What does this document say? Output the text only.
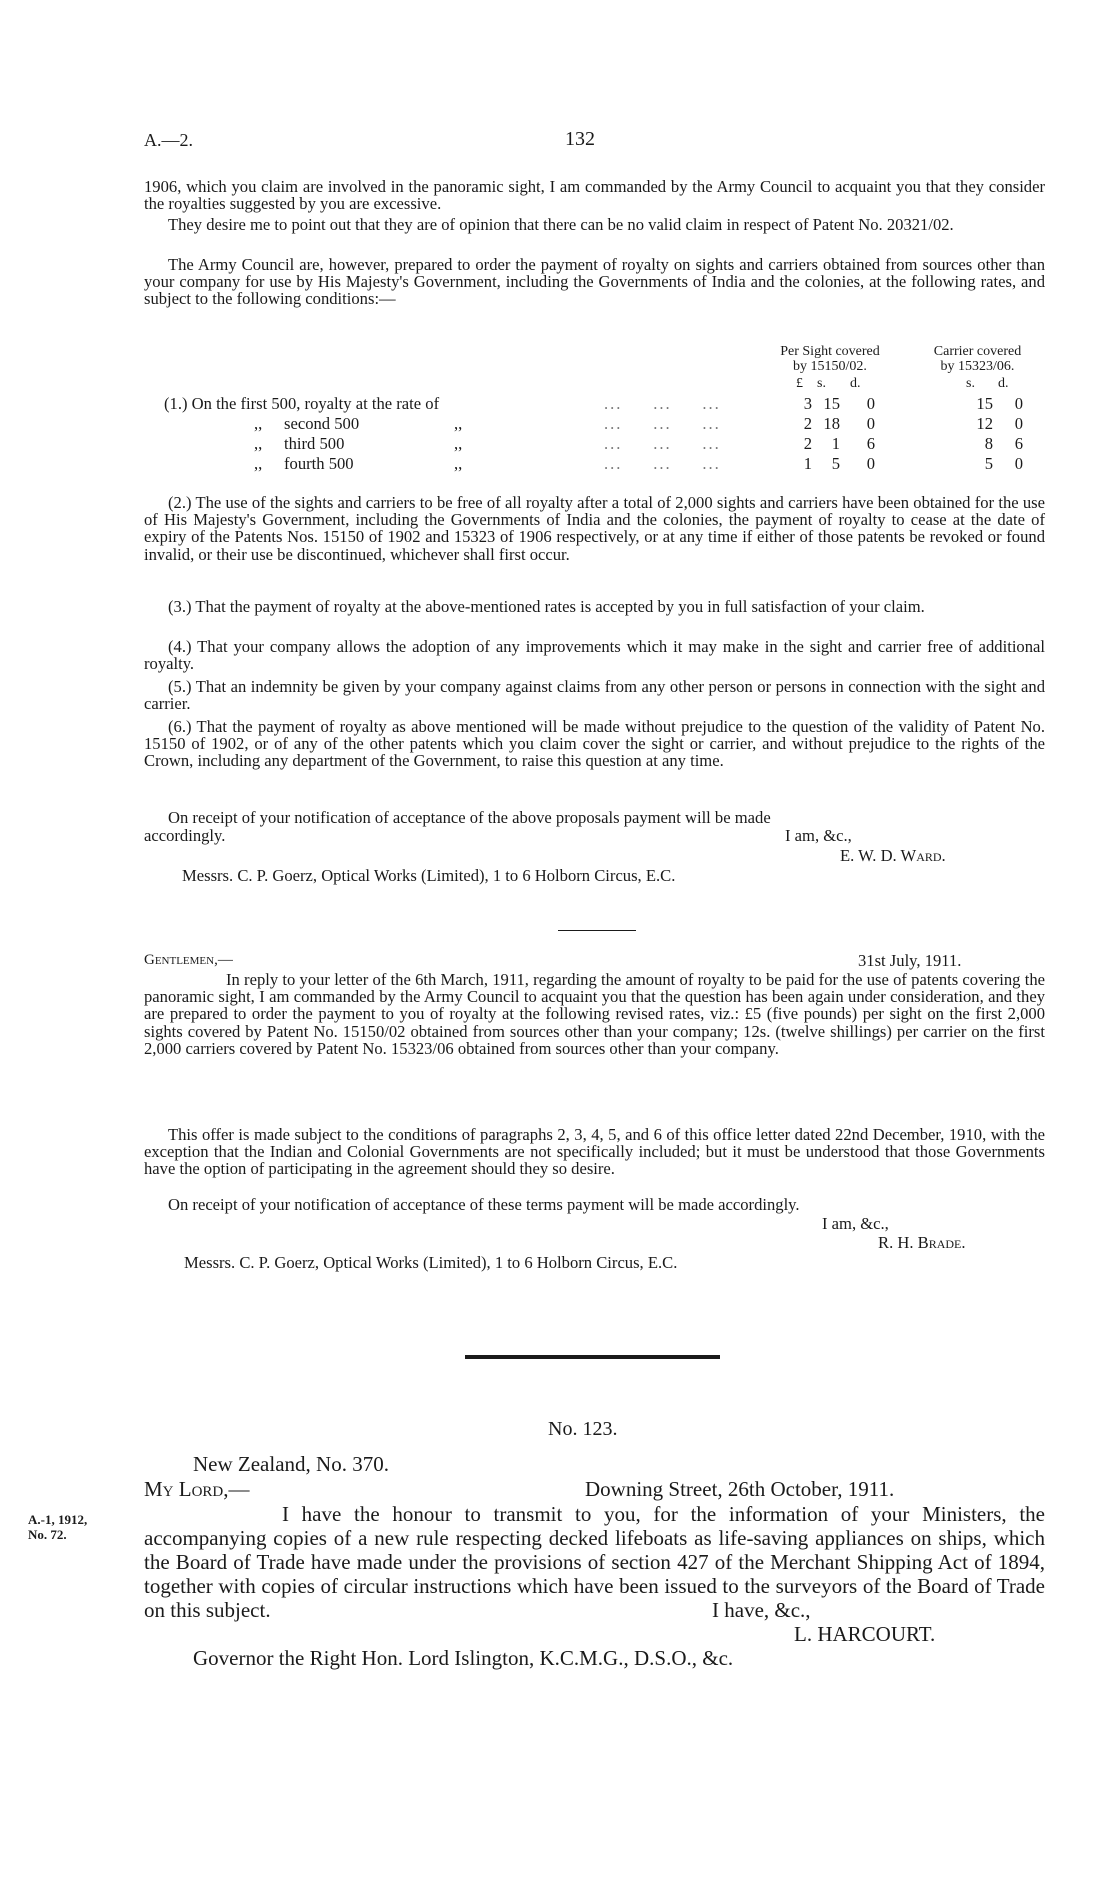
A.—2.	132

1906, which you claim are involved in the panoramic sight, I am commanded by the Army Council to acquaint you that they consider the royalties suggested by you are excessive.

They desire me to point out that they are of opinion that there can be no valid claim in respect of Patent No. 20321/02.

The Army Council are, however, prepared to order the payment of royalty on sights and carriers obtained from sources other than your company for use by His Majesty's Government, including the Governments of India and the colonies, at the following rates, and subject to the following conditions:—

Per Sight covered
by 15150/02.
Carrier covered
by 15323/06.
£ s. d.	s. d.
(1.) On the first 500, royalty at the rate of				...     ...     ...	3	15	0	15	0
	,,	second 500	,,	...     ...     ...	2	18	0	12	0
	,,	third 500	,,	...     ...     ...	2	1	6	8	6
	,,	fourth 500	,,	...     ...     ...	1	5	0	5	0

(2.) The use of the sights and carriers to be free of all royalty after a total of 2,000 sights and carriers have been obtained for the use of His Majesty's Government, including the Governments of India and the colonies, the payment of royalty to cease at the date of expiry of the Patents Nos. 15150 of 1902 and 15323 of 1906 respectively, or at any time if either of those patents be revoked or found invalid, or their use be discontinued, whichever shall first occur.

(3.) That the payment of royalty at the above-mentioned rates is accepted by you in full satisfaction of your claim.

(4.) That your company allows the adoption of any improvements which it may make in the sight and carrier free of additional royalty.

(5.) That an indemnity be given by your company against claims from any other person or persons in connection with the sight and carrier.

(6.) That the payment of royalty as above mentioned will be made without prejudice to the question of the validity of Patent No. 15150 of 1902, or of any of the other patents which you claim cover the sight or carrier, and without prejudice to the rights of the Crown, including any department of the Government, to raise this question at any time.

On receipt of your notification of acceptance of the above proposals payment will be made
accordingly.	I am, &c.,
E. W. D. Ward.
Messrs. C. P. Goerz, Optical Works (Limited), 1 to 6 Holborn Circus, E.C.
Gentlemen,—	31st July, 1911.

In reply to your letter of the 6th March, 1911, regarding the amount of royalty to be paid for the use of patents covering the panoramic sight, I am commanded by the Army Council to acquaint you that the question has been again under consideration, and they are prepared to order the payment to you of royalty at the following revised rates, viz.: £5 (five pounds) per sight on the first 2,000 sights covered by Patent No. 15150/02 obtained from sources other than your company; 12s. (twelve shillings) per carrier on the first 2,000 carriers covered by Patent No. 15323/06 obtained from sources other than your company.

This offer is made subject to the conditions of paragraphs 2, 3, 4, 5, and 6 of this office letter dated 22nd December, 1910, with the exception that the Indian and Colonial Governments are not specifically included; but it must be understood that those Governments have the option of participating in the agreement should they so desire.

On receipt of your notification of acceptance of these terms payment will be made accordingly.

I am, &c.,
R. H. Brade.
Messrs. C. P. Goerz, Optical Works (Limited), 1 to 6 Holborn Circus, E.C.
No. 123.
New Zealand, No. 370.
My Lord,—	Downing Street, 26th October, 1911.
A.-1, 1912,
No. 72.

I have the honour to transmit to you, for the information of your Ministers, the accompanying copies of a new rule respecting decked lifeboats as life-saving appliances on ships, which the Board of Trade have made under the provisions of section 427 of the Merchant Shipping Act of 1894, together with copies of circular instructions which have been issued to the surveyors of the Board of Trade on this subject.	I have, &c.,
L. HARCOURT.
Governor the Right Hon. Lord Islington, K.C.M.G., D.S.O., &c.
